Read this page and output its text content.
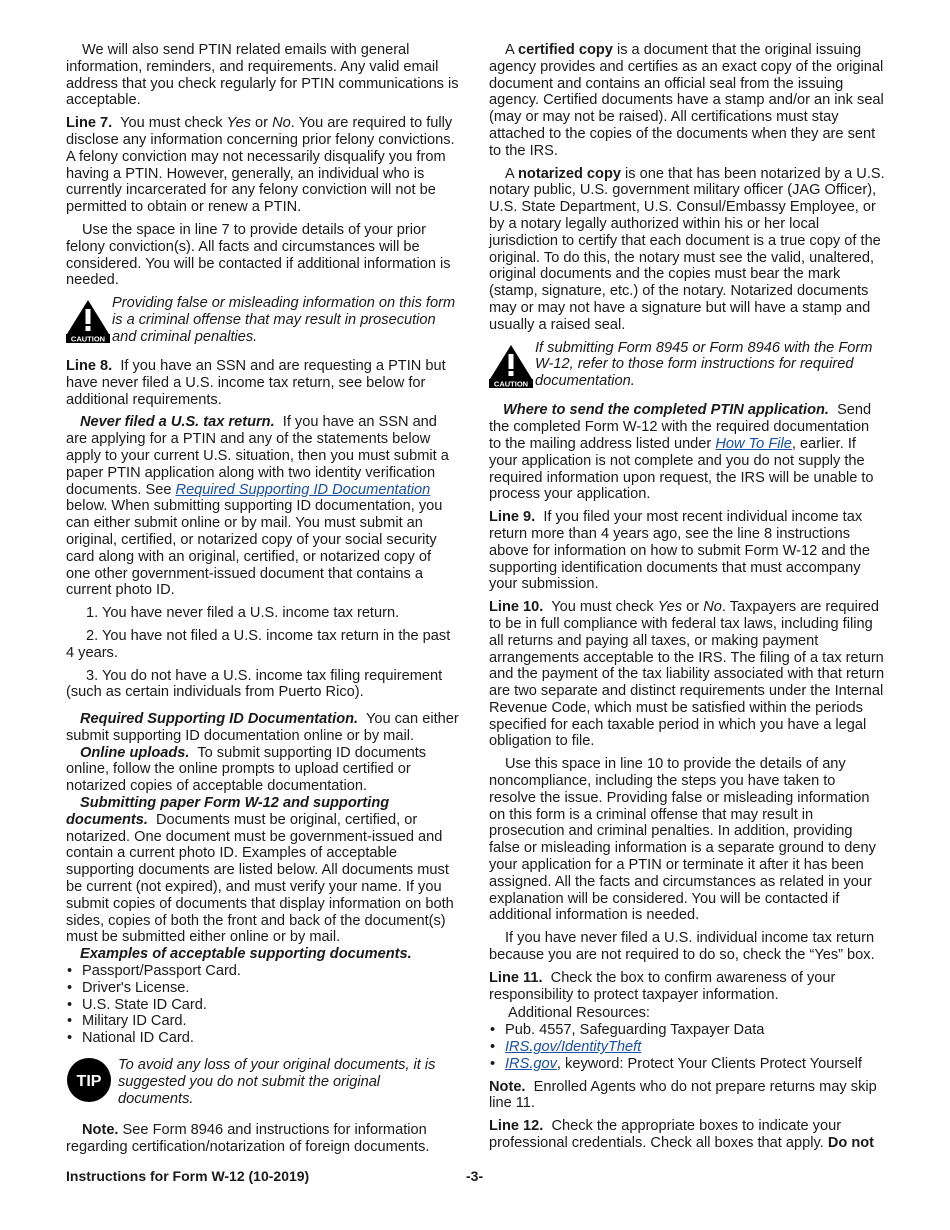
We will also send PTIN related emails with general information, reminders, and requirements. Any valid email address that you check regularly for PTIN communications is acceptable.

Line 7. You must check Yes or No. You are required to fully disclose any information concerning prior felony convictions. A felony conviction may not necessarily disqualify you from having a PTIN. However, generally, an individual who is currently incarcerated for any felony conviction will not be permitted to obtain or renew a PTIN.

Use the space in line 7 to provide details of your prior felony conviction(s). All facts and circumstances will be considered. You will be contacted if additional information is needed.

CAUTION
Providing false or misleading information on this form is a criminal offense that may result in prosecution and criminal penalties.

Line 8. If you have an SSN and are requesting a PTIN but have never filed a U.S. income tax return, see below for additional requirements.

Never filed a U.S. tax return. If you have an SSN and are applying for a PTIN and any of the statements below apply to your current U.S. situation, then you must submit a paper PTIN application along with two identity verification documents. See Required Supporting ID Documentation below. When submitting supporting ID documentation, you can either submit online or by mail. You must submit an original, certified, or notarized copy of your social security card along with an original, certified, or notarized copy of one other government-issued document that contains a current photo ID.

1. You have never filed a U.S. income tax return.

2. You have not filed a U.S. income tax return in the past 4 years.

3. You do not have a U.S. income tax filing requirement (such as certain individuals from Puerto Rico).

Required Supporting ID Documentation. You can either submit supporting ID documentation online or by mail.

Online uploads. To submit supporting ID documents online, follow the online prompts to upload certified or notarized copies of acceptable documentation.

Submitting paper Form W-12 and supporting documents. Documents must be original, certified, or notarized. One document must be government-issued and contain a current photo ID. Examples of acceptable supporting documents are listed below. All documents must be current (not expired), and must verify your name. If you submit copies of documents that display information on both sides, copies of both the front and back of the document(s) must be submitted either online or by mail.

Examples of acceptable supporting documents.

• Passport/Passport Card.
• Driver's License.
• U.S. State ID Card.
• Military ID Card.
• National ID Card.
TIP
To avoid any loss of your original documents, it is suggested you do not submit the original documents.

Note. See Form 8946 and instructions for information regarding certification/notarization of foreign documents.

A certified copy is a document that the original issuing agency provides and certifies as an exact copy of the original document and contains an official seal from the issuing agency. Certified documents have a stamp and/or an ink seal (may or may not be raised). All certifications must stay attached to the copies of the documents when they are sent to the IRS.

A notarized copy is one that has been notarized by a U.S. notary public, U.S. government military officer (JAG Officer), U.S. State Department, U.S. Consul/Embassy Employee, or by a notary legally authorized within his or her local jurisdiction to certify that each document is a true copy of the original. To do this, the notary must see the valid, unaltered, original documents and the copies must bear the mark (stamp, signature, etc.) of the notary. Notarized documents may or may not have a signature but will have a stamp and usually a raised seal.

CAUTION
If submitting Form 8945 or Form 8946 with the Form W-12, refer to those form instructions for required documentation.

Where to send the completed PTIN application. Send the completed Form W-12 with the required documentation to the mailing address listed under How To File, earlier. If your application is not complete and you do not supply the required information upon request, the IRS will be unable to process your application.

Line 9. If you filed your most recent individual income tax return more than 4 years ago, see the line 8 instructions above for information on how to submit Form W-12 and the supporting identification documents that must accompany your submission.

Line 10. You must check Yes or No. Taxpayers are required to be in full compliance with federal tax laws, including filing all returns and paying all taxes, or making payment arrangements acceptable to the IRS. The filing of a tax return and the payment of the tax liability associated with that return are two separate and distinct requirements under the Internal Revenue Code, which must be satisfied within the periods specified for each taxable period in which you have a legal obligation to file.

Use this space in line 10 to provide the details of any noncompliance, including the steps you have taken to resolve the issue. Providing false or misleading information on this form is a criminal offense that may result in prosecution and criminal penalties. In addition, providing false or misleading information is a separate ground to deny your application for a PTIN or terminate it after it has been assigned. All the facts and circumstances as related in your explanation will be considered. You will be contacted if additional information is needed.

If you have never filed a U.S. individual income tax return because you are not required to do so, check the “Yes” box.

Line 11. Check the box to confirm awareness of your responsibility to protect taxpayer information.

Additional Resources:

• Pub. 4557, Safeguarding Taxpayer Data
• IRS.gov/IdentityTheft
• IRS.gov, keyword: Protect Your Clients Protect Yourself

Note. Enrolled Agents who do not prepare returns may skip line 11.

Line 12. Check the appropriate boxes to indicate your professional credentials. Check all boxes that apply. Do not

Instructions for Form W-12 (10-2019)	-3-
